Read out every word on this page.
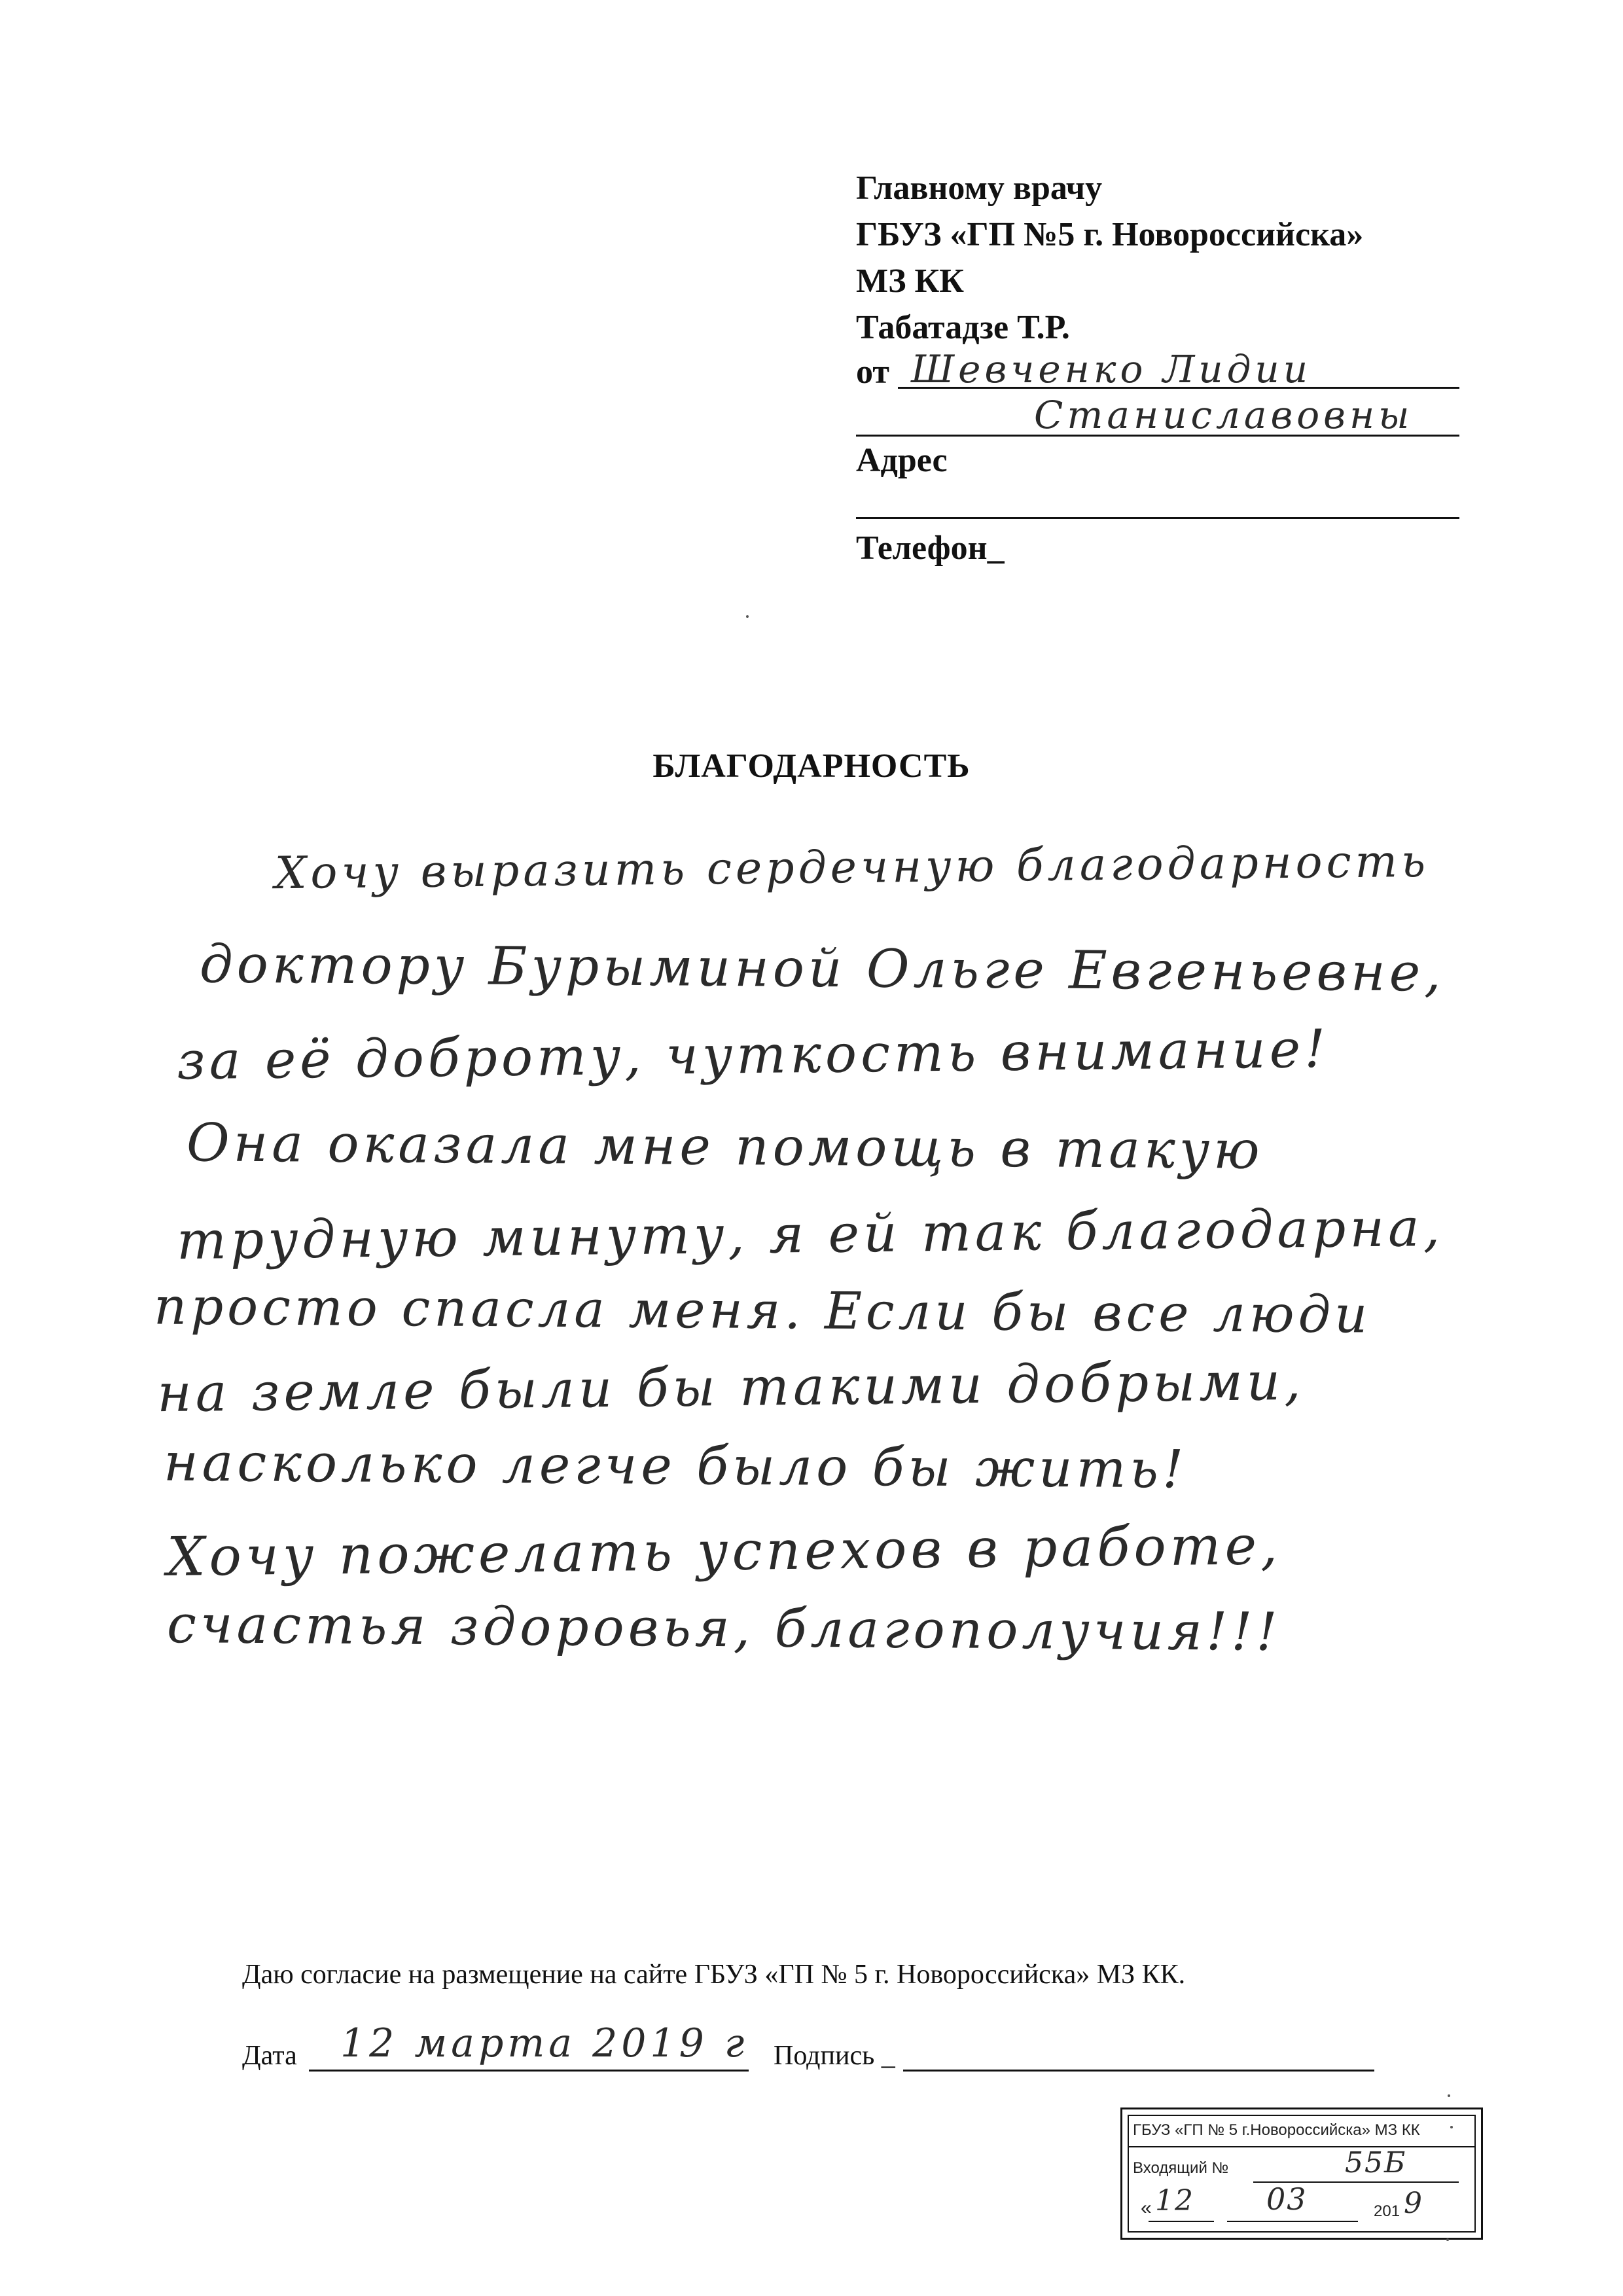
Главному врачу
ГБУЗ «ГП №5 г. Новороссийска»
МЗ КК
Табатадзе Т.Р.
от Шевченко Лидии
Станиславовны
Адрес
Телефон_
БЛАГОДАРНОСТЬ
Хочу выразить сердечную благодарность
доктору Бурыминой Ольге Евгеньевне,
за её доброту, чуткость внимание!
Она оказала мне помощь в такую
трудную минуту, я ей так благодарна,
просто спасла меня. Если бы все люди
на земле были бы такими добрыми,
насколько легче было бы жить!
Хочу пожелать успехов в работе,
счастья здоровья, благополучия!!!
Даю согласие на размещение на сайте ГБУЗ «ГП № 5 г. Новороссийска» МЗ КК.
Дата 12 марта 2019 г Подпись _
ГБУЗ «ГП № 5 г.Новороссийска» МЗ КК
Входящий №	55Б
« 12 03	201 9
